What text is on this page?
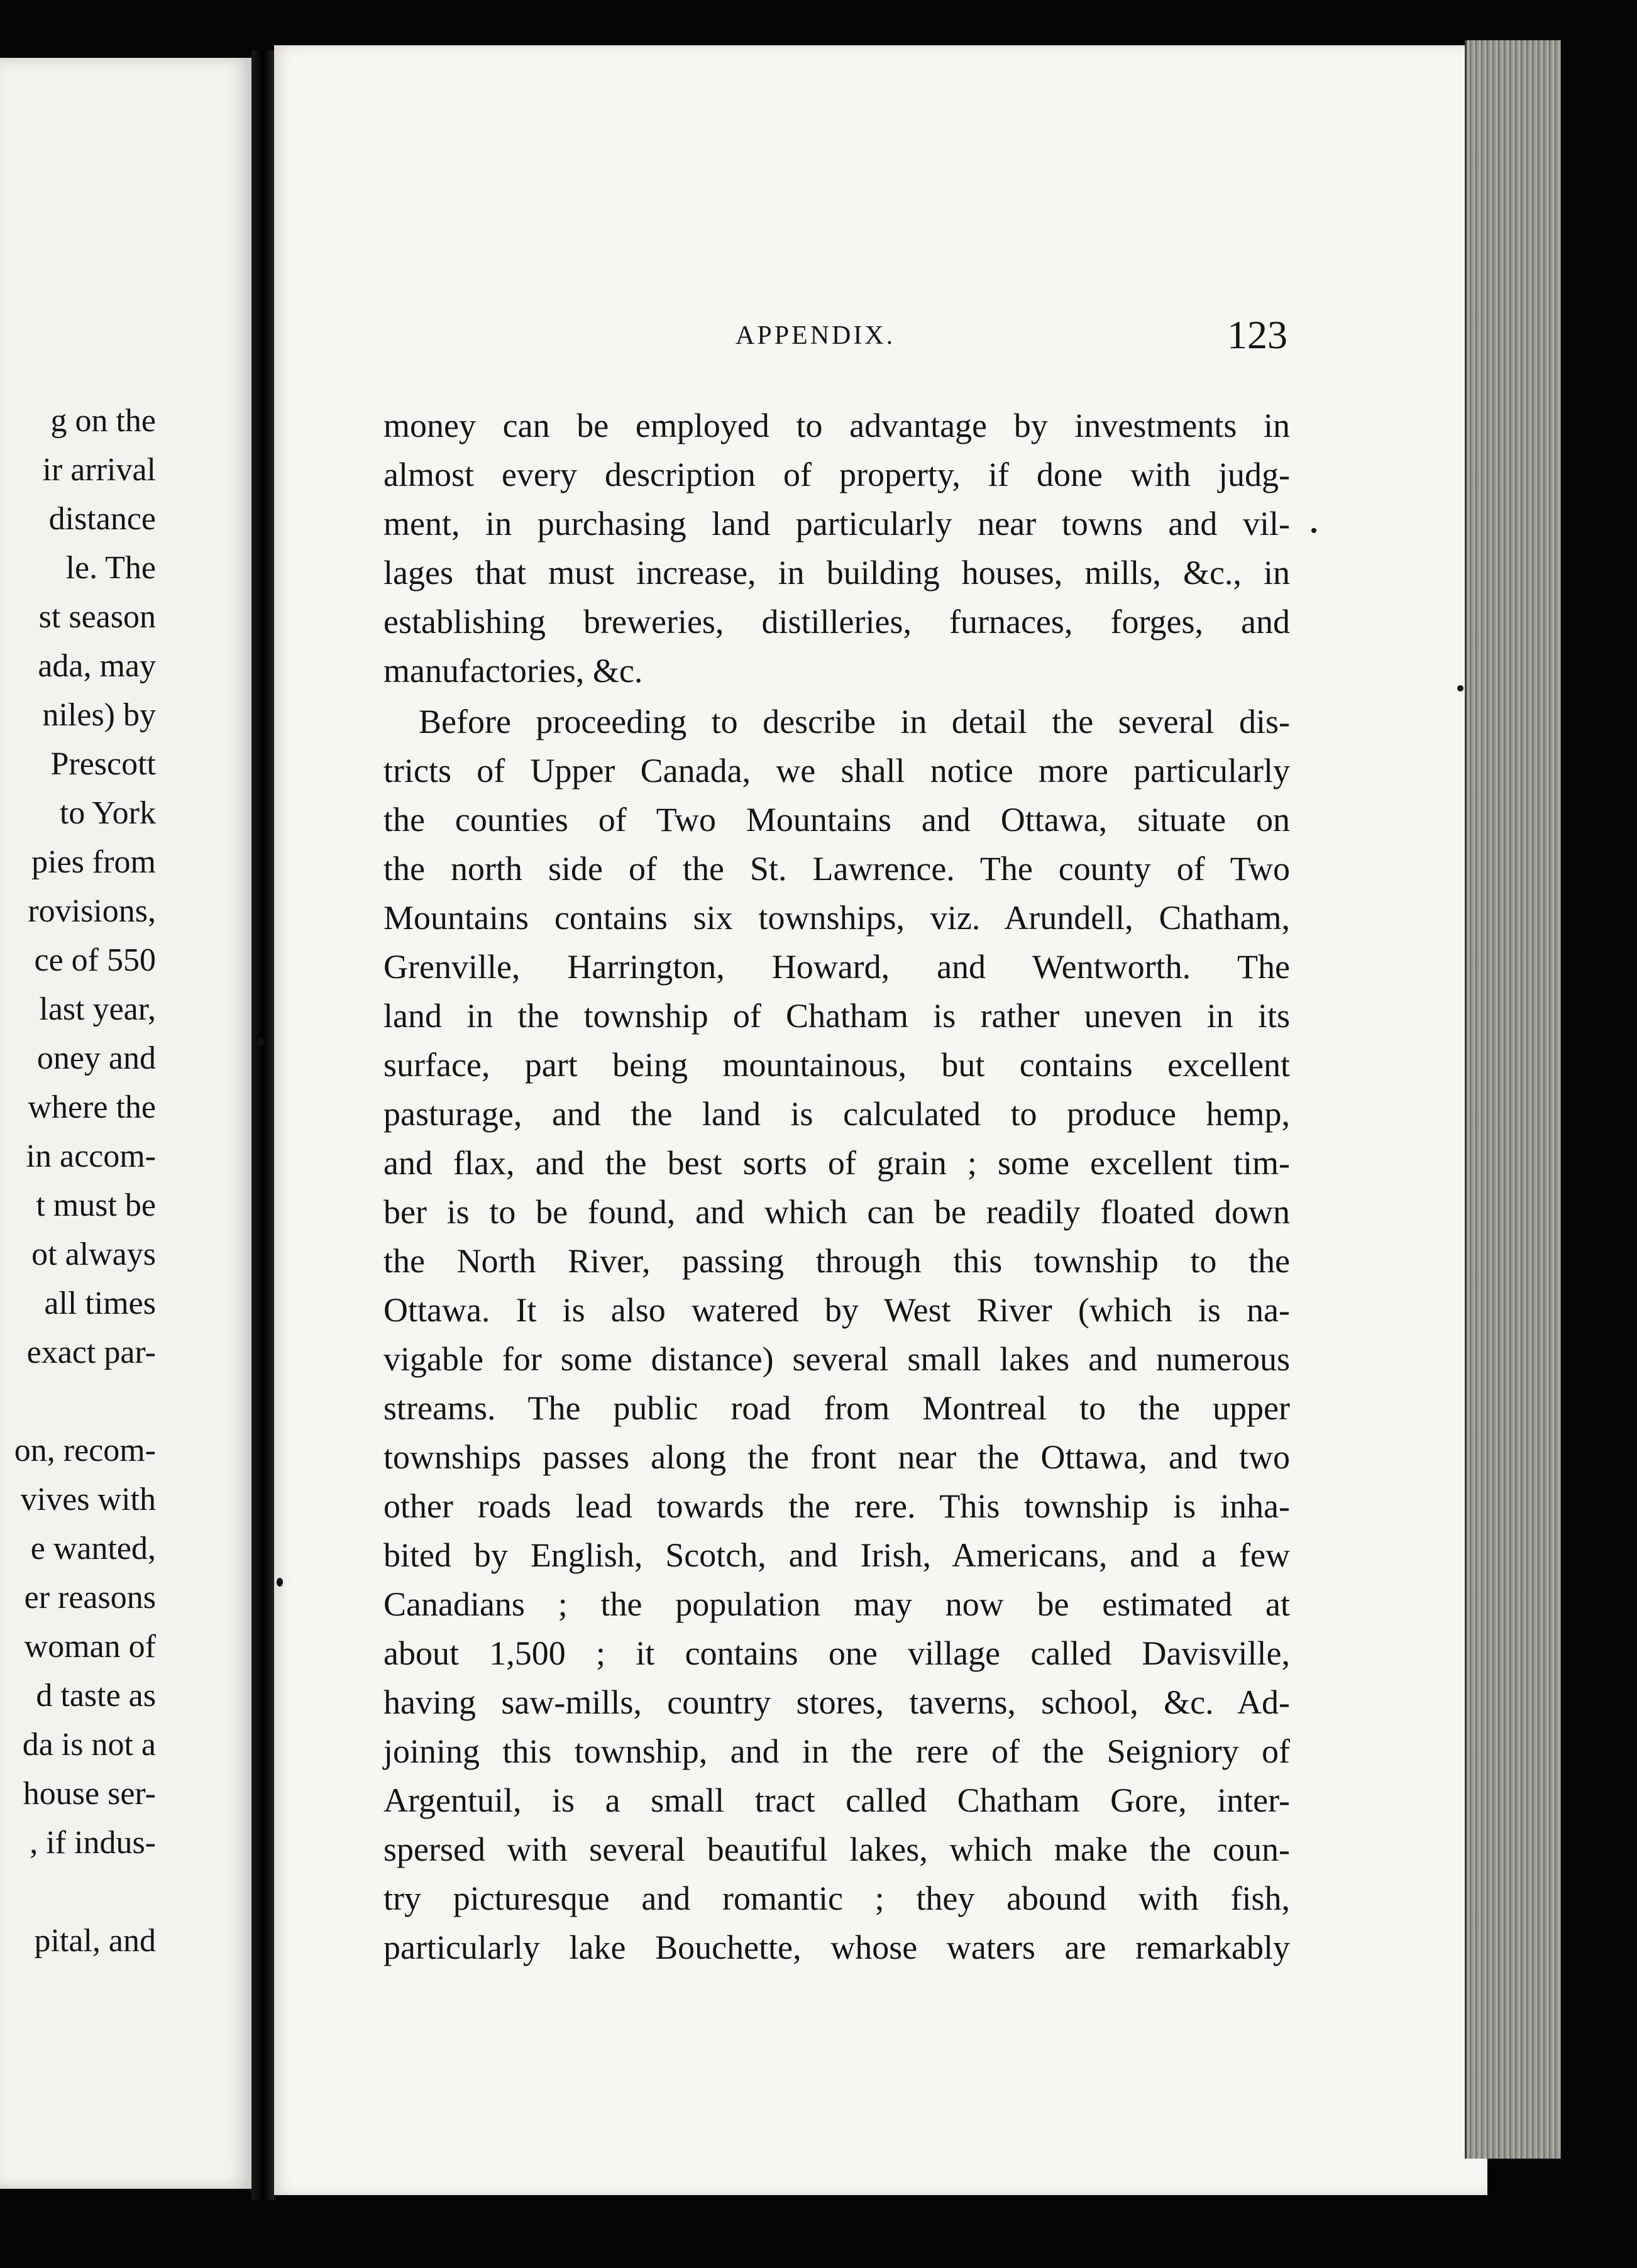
g on the
ir arrival
distance
le. The
st season
ada, may
niles) by
Prescott
to York
pies from
rovisions,
ce of 550
last year,
oney and
where the
in accom-
t must be
ot always
all times
exact par-
on, recom-
vives with
e wanted,
er reasons
woman of
d taste as
da is not a
house ser-
, if indus-
pital, and
APPENDIX.	123
money can be employed to advantage by investments in
almost every description of property, if done with judg-
ment, in purchasing land particularly near towns and vil-
lages that must increase, in building houses, mills, &c., in
establishing breweries, distilleries, furnaces, forges, and
manufactories, &c.
Before proceeding to describe in detail the several dis-
tricts of Upper Canada, we shall notice more particularly
the counties of Two Mountains and Ottawa, situate on
the north side of the St. Lawrence. The county of Two
Mountains contains six townships, viz. Arundell, Chatham,
Grenville, Harrington, Howard, and Wentworth. The
land in the township of Chatham is rather uneven in its
surface, part being mountainous, but contains excellent
pasturage, and the land is calculated to produce hemp,
and flax, and the best sorts of grain ; some excellent tim-
ber is to be found, and which can be readily floated down
the North River, passing through this township to the
Ottawa. It is also watered by West River (which is na-
vigable for some distance) several small lakes and numerous
streams. The public road from Montreal to the upper
townships passes along the front near the Ottawa, and two
other roads lead towards the rere. This township is inha-
bited by English, Scotch, and Irish, Americans, and a few
Canadians ; the population may now be estimated at
about 1,500 ; it contains one village called Davisville,
having saw-mills, country stores, taverns, school, &c. Ad-
joining this township, and in the rere of the Seigniory of
Argentuil, is a small tract called Chatham Gore, inter-
spersed with several beautiful lakes, which make the coun-
try picturesque and romantic ; they abound with fish,
particularly lake Bouchette, whose waters are remarkably
